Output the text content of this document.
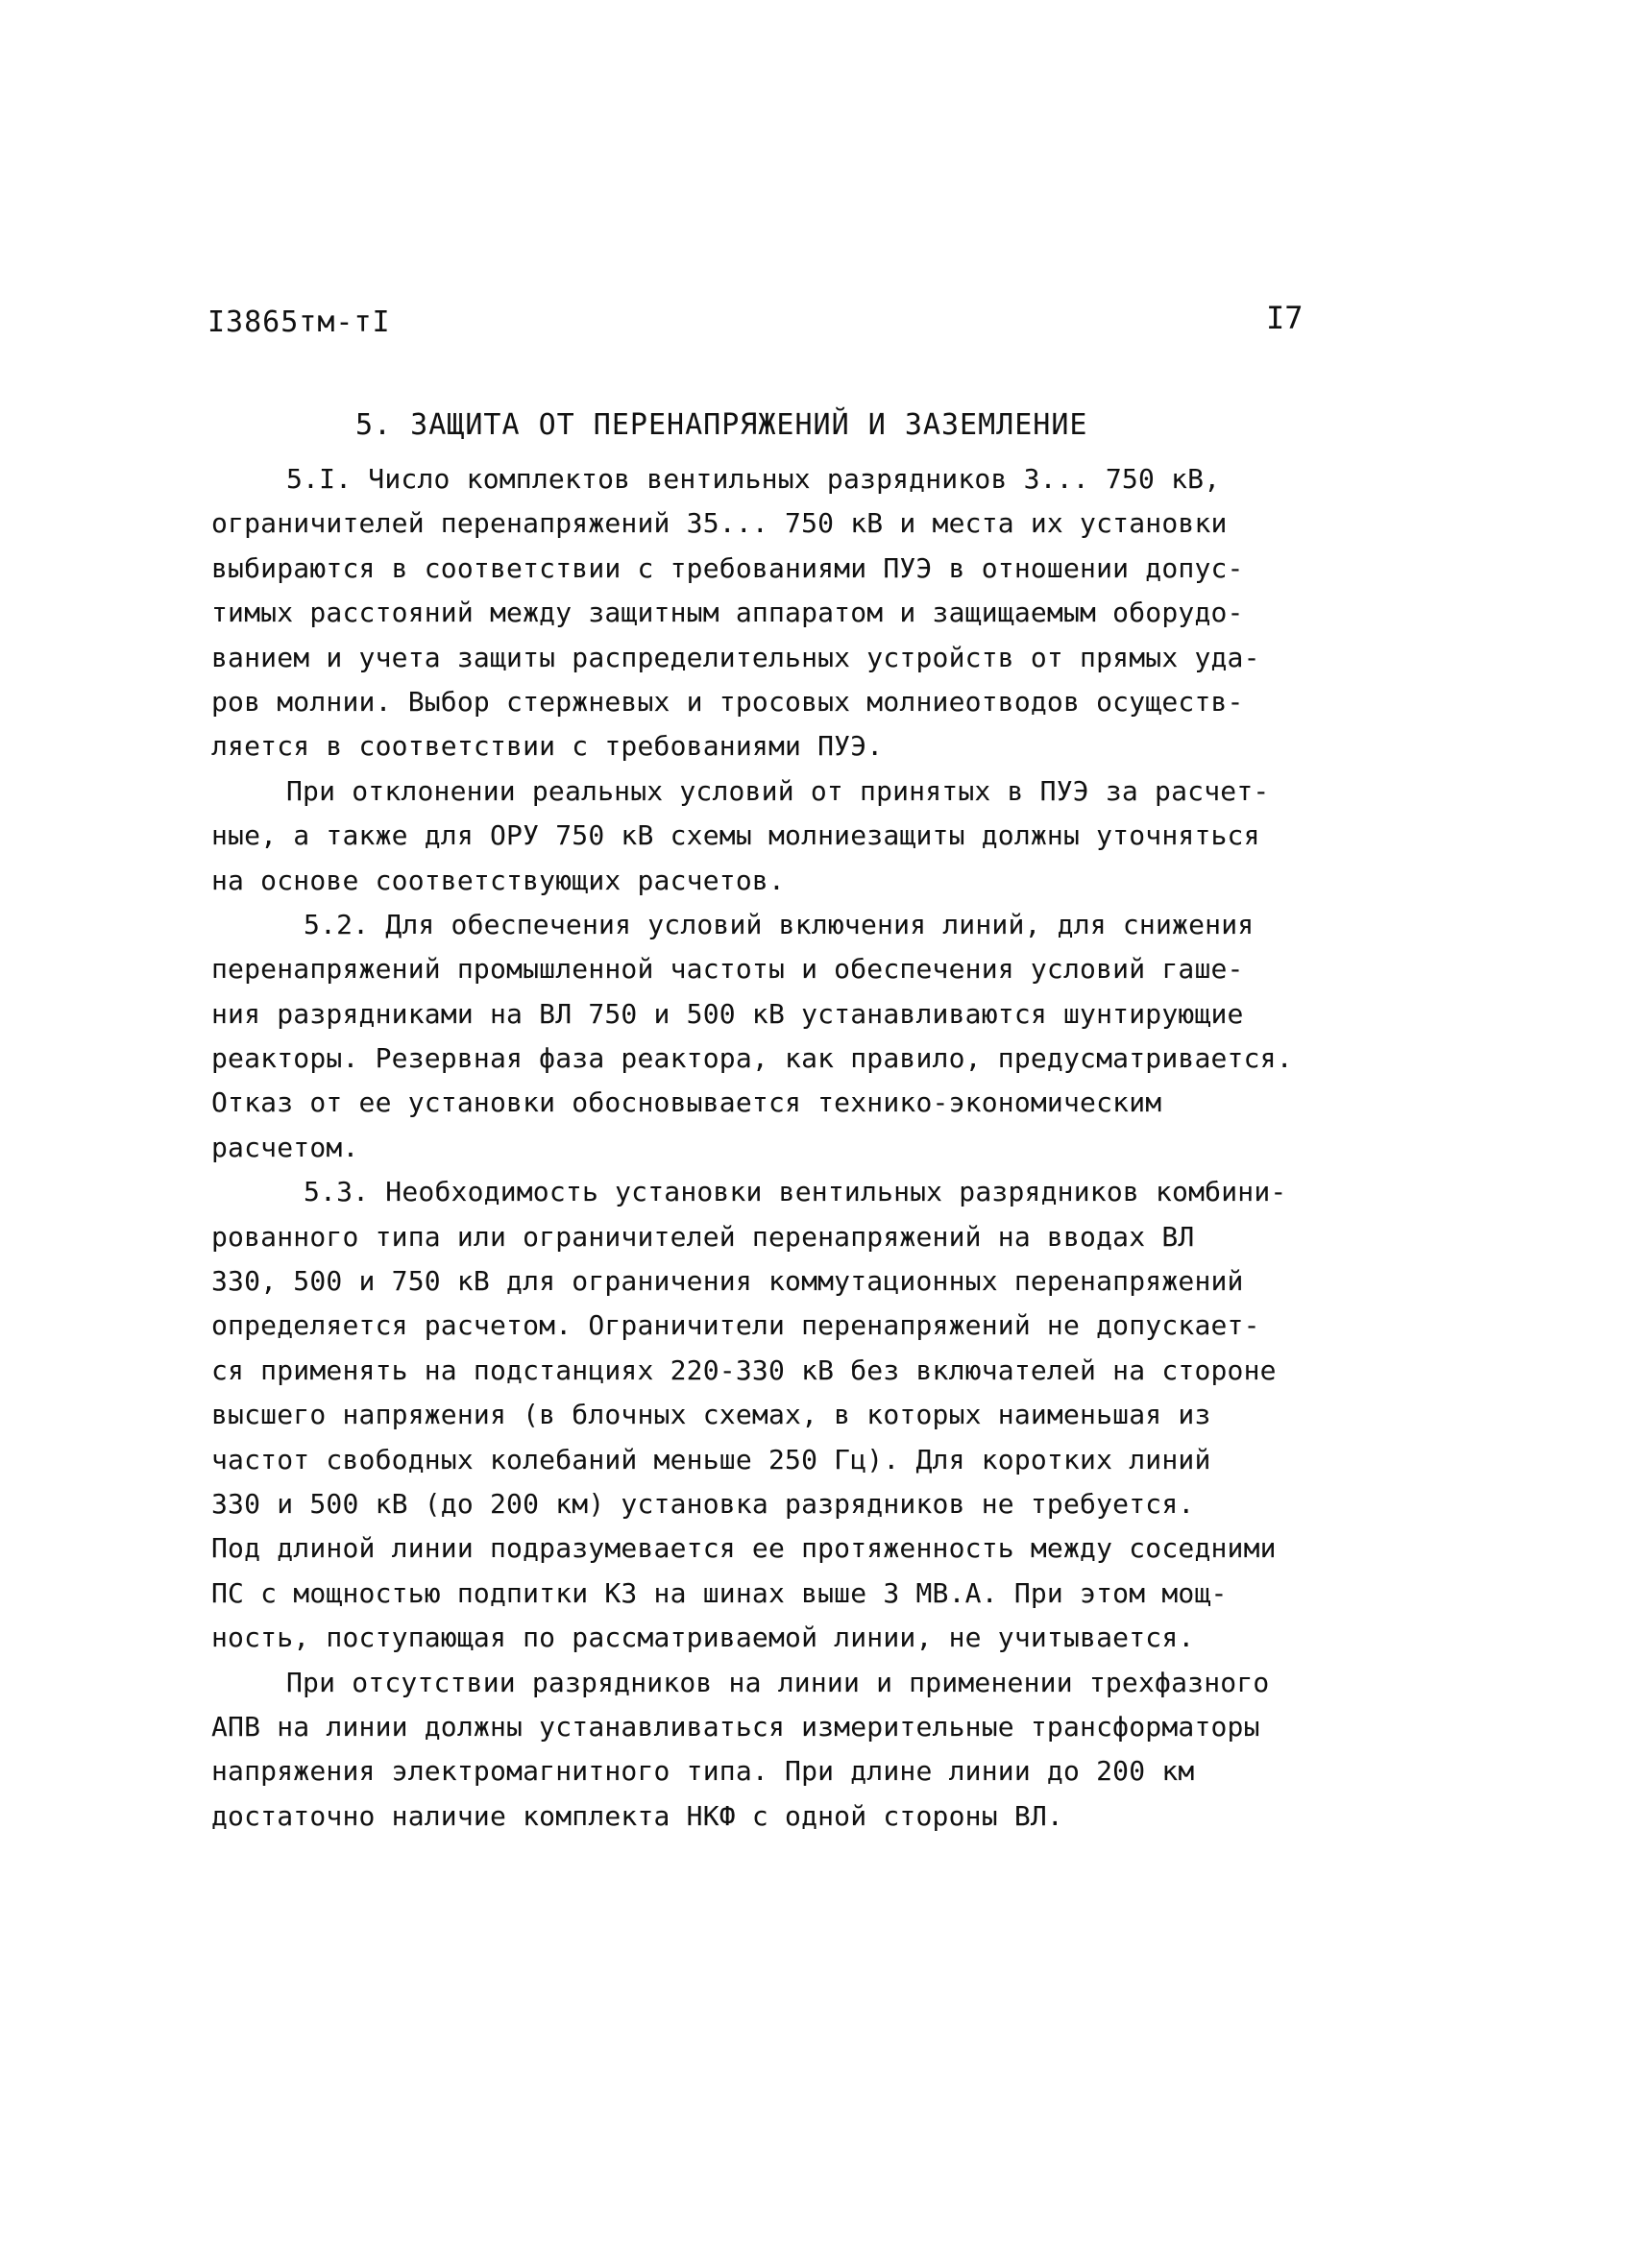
I3865тм-тI	I7
5. ЗАЩИТА ОТ ПЕРЕНАПРЯЖЕНИЙ И ЗАЗЕМЛЕНИЕ
5.I. Число комплектов вентильных разрядников 3... 750 кВ,
ограничителей перенапряжений 35... 750 кВ и места их установки
выбираются в соответствии с требованиями ПУЭ в отношении допус-
тимых расстояний между защитным аппаратом и защищаемым оборудо-
ванием и учета защиты распределительных устройств от прямых уда-
ров молнии. Выбор стержневых и тросовых молниеотводов осуществ-
ляется в соответствии с требованиями ПУЭ.
При отклонении реальных условий от принятых в ПУЭ за расчет-
ные, а также для ОРУ 750 кВ схемы молниезащиты должны уточняться
на основе соответствующих расчетов.
5.2. Для обеспечения условий включения линий, для снижения
перенапряжений промышленной частоты и обеспечения условий гаше-
ния разрядниками на ВЛ 750 и 500 кВ устанавливаются шунтирующие
реакторы. Резервная фаза реактора, как правило, предусматривается.
Отказ от ее установки обосновывается технико-экономическим
расчетом.
5.3. Необходимость установки вентильных разрядников комбини-
рованного типа или ограничителей перенапряжений на вводах ВЛ
330, 500 и 750 кВ для ограничения коммутационных перенапряжений
определяется расчетом. Ограничители перенапряжений не допускает-
ся применять на подстанциях 220-330 кВ без включателей на стороне
высшего напряжения (в блочных схемах, в которых наименьшая из
частот свободных колебаний меньше 250 Гц). Для коротких линий
330 и 500 кВ (до 200 км) установка разрядников не требуется.
Под длиной линии подразумевается ее протяженность между соседними
ПС с мощностью подпитки КЗ на шинах выше 3 МВ.А. При этом мощ-
ность, поступающая по рассматриваемой линии, не учитывается.
При отсутствии разрядников на линии и применении трехфазного
АПВ на линии должны устанавливаться измерительные трансформаторы
напряжения электромагнитного типа. При длине линии до 200 км
достаточно наличие комплекта НКФ с одной стороны ВЛ.
